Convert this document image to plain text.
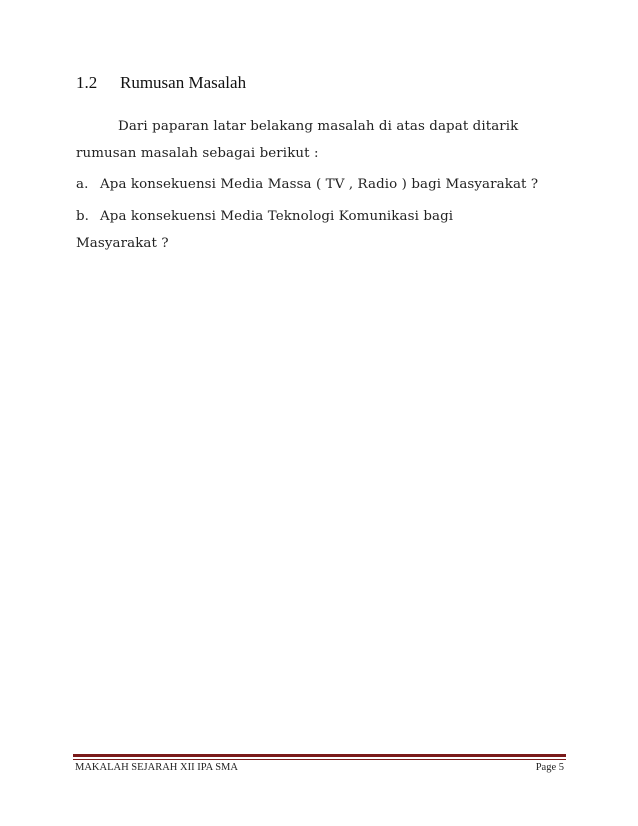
1.2 Rumusan Masalah
Dari paparan latar belakang masalah di atas dapat ditarik
rumusan masalah sebagai berikut :
a. Apa konsekuensi Media Massa ( TV , Radio ) bagi Masyarakat ?
b. Apa konsekuensi Media Teknologi Komunikasi bagi
Masyarakat ?
MAKALAH SEJARAH XII IPA SMA	Page 5
